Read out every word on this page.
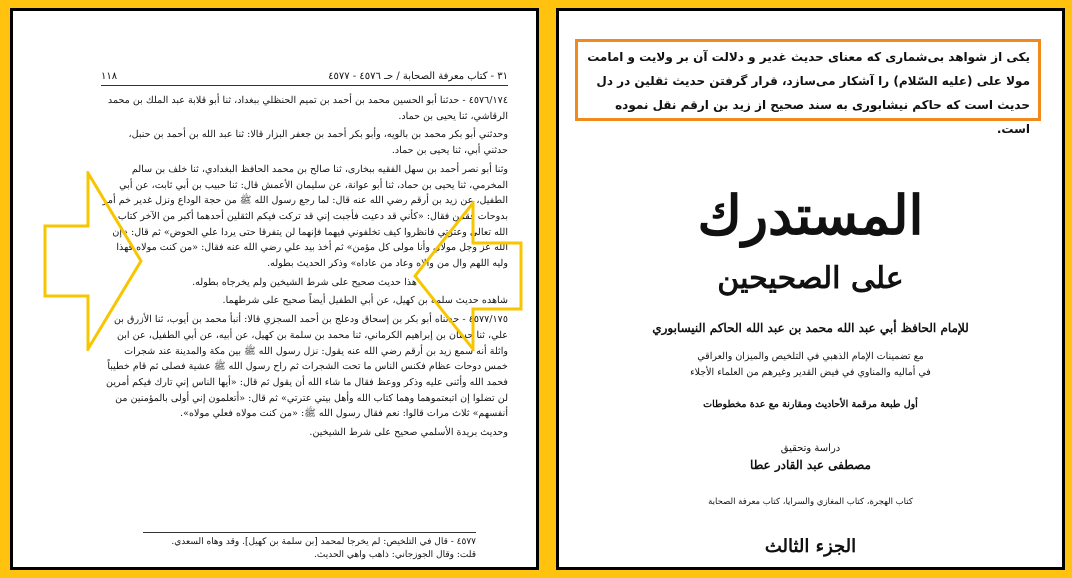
١١٨	٣١ - كتاب معرفة الصحابة / حـ ٤٥٧٦ - ٤٥٧٧

٤٥٧٦/١٧٤ - حدثنا أبو الحسين محمد بن أحمد بن تميم الحنظلي ببغداد، ثنا أبو قلابة عبد الملك بن محمد الرقاشي، ثنا يحيى بن حماد.

وحدثني أبو بكر محمد بن بالويه، وأبو بكر أحمد بن جعفر البزار قالا: ثنا عبد الله بن أحمد بن حنبل، حدثني أبي، ثنا يحيى بن حماد.

وثنا أبو نصر أحمد بن سهل الفقيه ببخارى، ثنا صالح بن محمد الحافظ البغدادي، ثنا خلف بن سالم المخرمي، ثنا يحيى بن حماد، ثنا أبو عوانة، عن سليمان الأعمش قال: ثنا حبيب بن أبي ثابت، عن أبي الطفيل، عن زيد بن أرقم رضي الله عنه قال: لما رجع رسول الله ﷺ من حجة الوداع ونزل غدير خم أمر بدوحات فقمن فقال: «كأني قد دعيت فأجبت إني قد تركت فيكم الثقلين أحدهما أكبر من الآخر كتاب الله تعالى وعترتي فانظروا كيف تخلفوني فيهما فإنهما لن يتفرقا حتى يردا علي الحوض» ثم قال: «إن الله عز وجل مولاي وأنا مولى كل مؤمن» ثم أخذ بيد علي رضي الله عنه فقال: «من كنت مولاه فهذا وليه اللهم وال من والاه وعاد من عاداه» وذكر الحديث بطوله.

هذا حديث صحيح على شرط الشيخين ولم يخرجاه بطوله.

شاهده حديث سلمة بن كهيل، عن أبي الطفيل أيضاً صحيح على شرطهما.

٤٥٧٧/١٧٥ - حدثناه أبو بكر بن إسحاق ودعلج بن أحمد السجزي قالا: أنبأ محمد بن أيوب، ثنا الأزرق بن علي، ثنا حسان بن إبراهيم الكرماني، ثنا محمد بن سلمة بن كهيل، عن أبيه، عن أبي الطفيل، عن ابن واثلة أنه سمع زيد بن أرقم رضي الله عنه يقول: نزل رسول الله ﷺ بين مكة والمدينة عند شجرات خمس دوحات عظام فكنس الناس ما تحت الشجرات ثم راح رسول الله ﷺ عشية فصلى ثم قام خطيباً فحمد الله وأثنى عليه وذكر ووعظ فقال ما شاء الله أن يقول ثم قال: «أيها الناس إني تارك فيكم أمرين لن تضلوا إن اتبعتموهما وهما كتاب الله وأهل بيتي عترتي» ثم قال: «أتعلمون إني أولى بالمؤمنين من أنفسهم» ثلاث مرات قالوا: نعم فقال رسول الله ﷺ: «من كنت مولاه فعلي مولاه».

وحديث بريدة الأسلمي صحيح على شرط الشيخين.

٤٥٧٧ - قال في التلخيص: لم يخرجا لمحمد [بن سلمة بن كهيل]. وقد وهاه السعدي.

قلت: وقال الجوزجاني: ذاهب واهي الحديث.

یکی از شواهد بی‌شماری که معنای حدیث غدیر و دلالت آن بر ولایت و امامت مولا علی (علیه السّلام) را آشکار می‌سازد، قرار گرفتن حدیث ثقلین در دل حدیث است که حاکم نیشابوری به سند صحیح از زید بن ارقم نقل نموده است.
المستدرك
على الصحيحين
للإمام الحافظ أبي عبد الله محمد بن عبد الله الحاكم النيسابوري

مع تضمينات الإمام الذهبي في التلخيص والميزان والعراقي

في أماليه والمناوي في فيض القدير وغيرهم من العلماء الأجلاء

أول طبعة مرقمة الأحاديث ومقارنة مع عدة مخطوطات
دراسة وتحقيق
مصطفى عبد القادر عطا
كتاب الهجرة، كتاب المغازي والسرايا، كتاب معرفة الصحابة
الجزء الثالث
